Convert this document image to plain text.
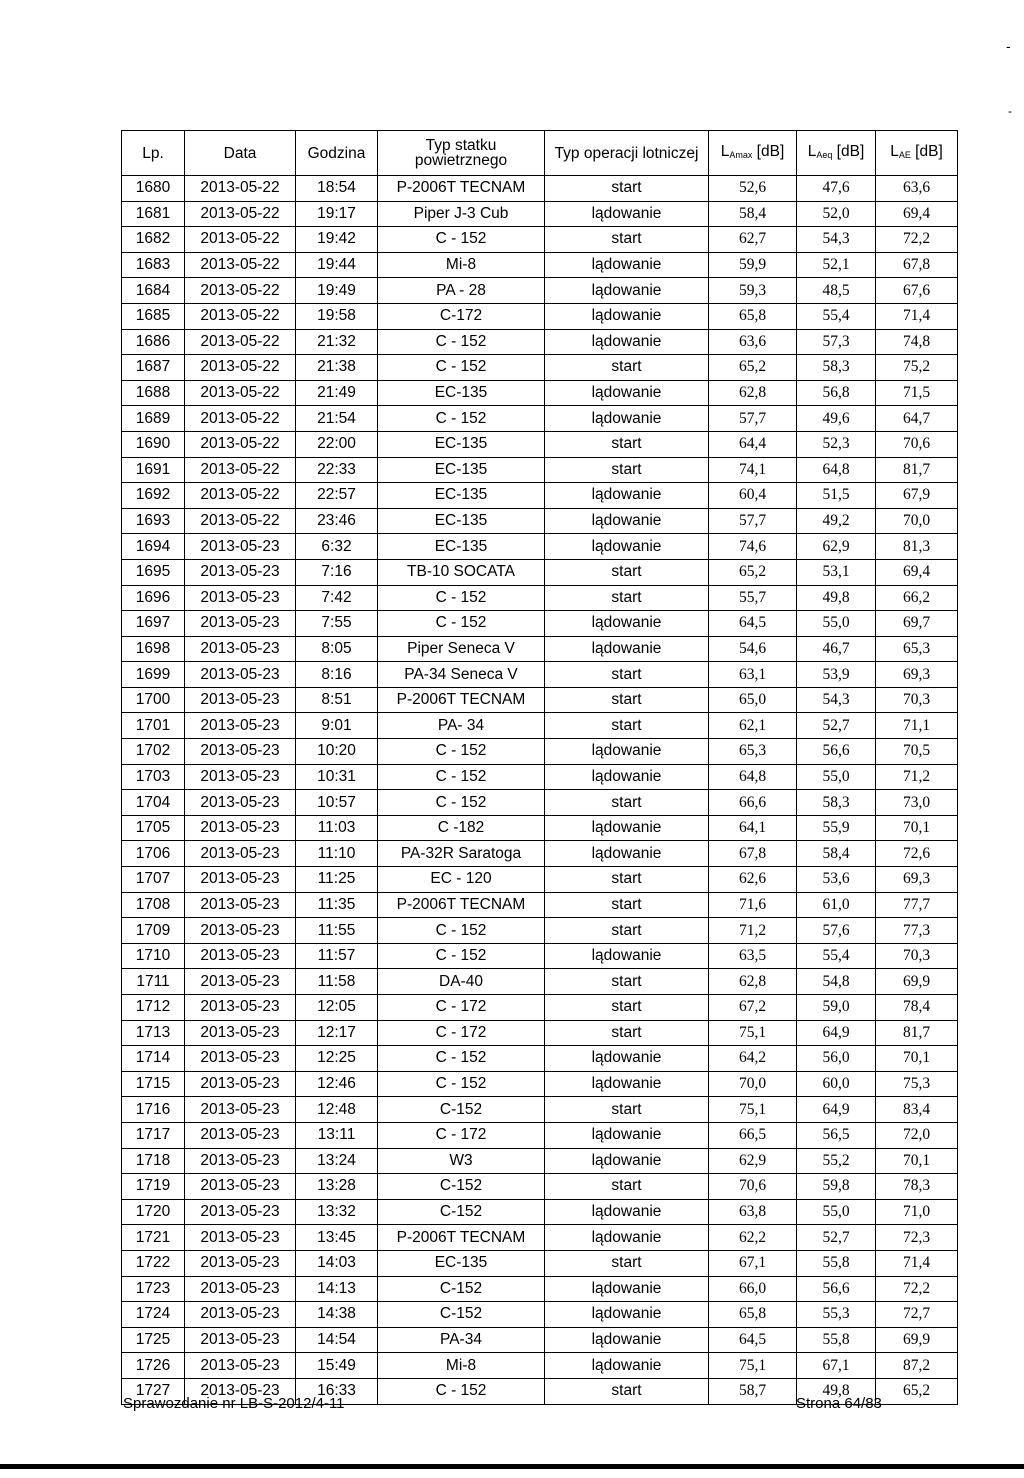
-
-
Lp.	Data	Godzina	Typ statku powietrznego	Typ operacji lotniczej	$L_{Amax}$ [dB]	$L_{Aeq}$ [dB]	$L_{AE}$ [dB]
1680	2013-05-22	18:54	P-2006T TECNAM	start	52,6	47,6	63,6
1681	2013-05-22	19:17	Piper J-3 Cub	lądowanie	58,4	52,0	69,4
1682	2013-05-22	19:42	C - 152	start	62,7	54,3	72,2
1683	2013-05-22	19:44	Mi-8	lądowanie	59,9	52,1	67,8
1684	2013-05-22	19:49	PA - 28	lądowanie	59,3	48,5	67,6
1685	2013-05-22	19:58	C-172	lądowanie	65,8	55,4	71,4
1686	2013-05-22	21:32	C - 152	lądowanie	63,6	57,3	74,8
1687	2013-05-22	21:38	C - 152	start	65,2	58,3	75,2
1688	2013-05-22	21:49	EC-135	lądowanie	62,8	56,8	71,5
1689	2013-05-22	21:54	C - 152	lądowanie	57,7	49,6	64,7
1690	2013-05-22	22:00	EC-135	start	64,4	52,3	70,6
1691	2013-05-22	22:33	EC-135	start	74,1	64,8	81,7
1692	2013-05-22	22:57	EC-135	lądowanie	60,4	51,5	67,9
1693	2013-05-22	23:46	EC-135	lądowanie	57,7	49,2	70,0
1694	2013-05-23	6:32	EC-135	lądowanie	74,6	62,9	81,3
1695	2013-05-23	7:16	TB-10 SOCATA	start	65,2	53,1	69,4
1696	2013-05-23	7:42	C - 152	start	55,7	49,8	66,2
1697	2013-05-23	7:55	C - 152	lądowanie	64,5	55,0	69,7
1698	2013-05-23	8:05	Piper Seneca V	lądowanie	54,6	46,7	65,3
1699	2013-05-23	8:16	PA-34 Seneca V	start	63,1	53,9	69,3
1700	2013-05-23	8:51	P-2006T TECNAM	start	65,0	54,3	70,3
1701	2013-05-23	9:01	PA- 34	start	62,1	52,7	71,1
1702	2013-05-23	10:20	C - 152	lądowanie	65,3	56,6	70,5
1703	2013-05-23	10:31	C - 152	lądowanie	64,8	55,0	71,2
1704	2013-05-23	10:57	C - 152	start	66,6	58,3	73,0
1705	2013-05-23	11:03	C -182	lądowanie	64,1	55,9	70,1
1706	2013-05-23	11:10	PA-32R Saratoga	lądowanie	67,8	58,4	72,6
1707	2013-05-23	11:25	EC - 120	start	62,6	53,6	69,3
1708	2013-05-23	11:35	P-2006T TECNAM	start	71,6	61,0	77,7
1709	2013-05-23	11:55	C - 152	start	71,2	57,6	77,3
1710	2013-05-23	11:57	C - 152	lądowanie	63,5	55,4	70,3
1711	2013-05-23	11:58	DA-40	start	62,8	54,8	69,9
1712	2013-05-23	12:05	C - 172	start	67,2	59,0	78,4
1713	2013-05-23	12:17	C - 172	start	75,1	64,9	81,7
1714	2013-05-23	12:25	C - 152	lądowanie	64,2	56,0	70,1
1715	2013-05-23	12:46	C - 152	lądowanie	70,0	60,0	75,3
1716	2013-05-23	12:48	C-152	start	75,1	64,9	83,4
1717	2013-05-23	13:11	C - 172	lądowanie	66,5	56,5	72,0
1718	2013-05-23	13:24	W3	lądowanie	62,9	55,2	70,1
1719	2013-05-23	13:28	C-152	start	70,6	59,8	78,3
1720	2013-05-23	13:32	C-152	lądowanie	63,8	55,0	71,0
1721	2013-05-23	13:45	P-2006T TECNAM	lądowanie	62,2	52,7	72,3
1722	2013-05-23	14:03	EC-135	start	67,1	55,8	71,4
1723	2013-05-23	14:13	C-152	lądowanie	66,0	56,6	72,2
1724	2013-05-23	14:38	C-152	lądowanie	65,8	55,3	72,7
1725	2013-05-23	14:54	PA-34	lądowanie	64,5	55,8	69,9
1726	2013-05-23	15:49	Mi-8	lądowanie	75,1	67,1	87,2
1727	2013-05-23	16:33	C - 152	start	58,7	49,8	65,2
Sprawozdanie nr LB-S-2012/4-11	Strona 64/83
